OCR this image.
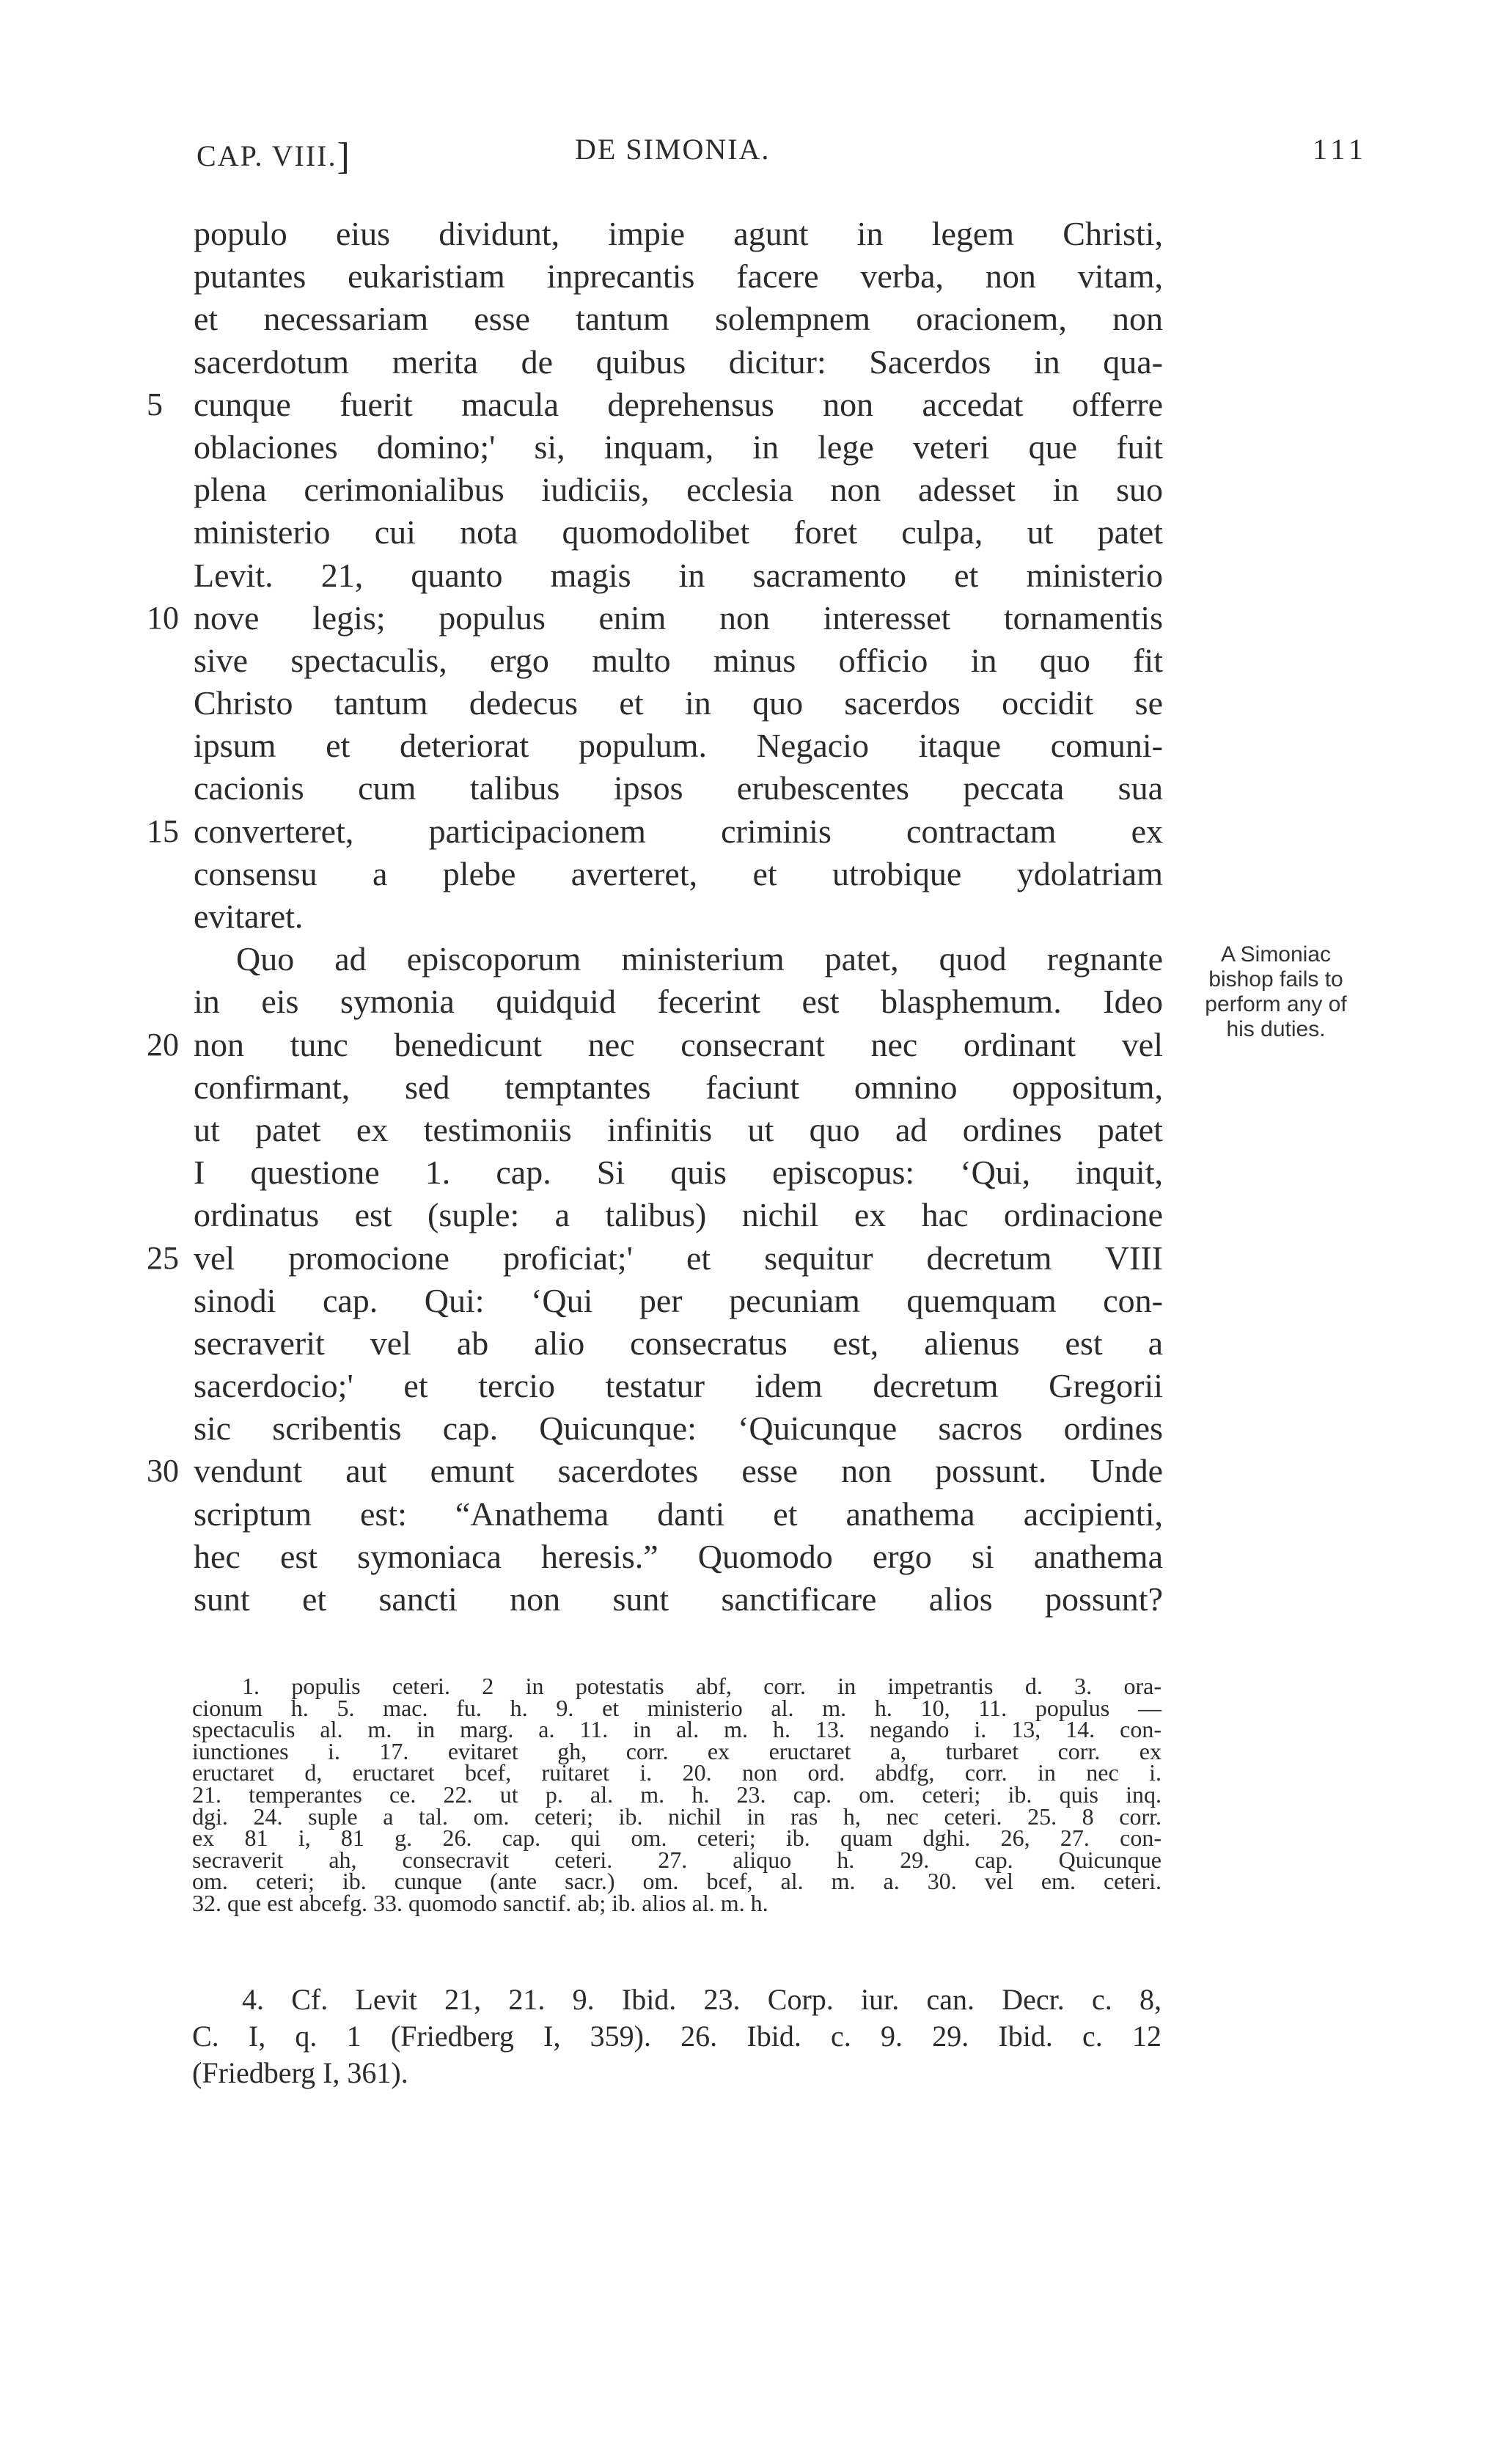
CAP. VIII.]	DE SIMONIA.	111
populo eius dividunt, impie agunt in legem Christi,
putantes eukaristiam inprecantis facere verba, non vitam,
et necessariam esse tantum solempnem oracionem, non
sacerdotum merita de quibus dicitur: Sacerdos in qua-
5 cunque fuerit macula deprehensus non accedat offerre
oblaciones domino;' si, inquam, in lege veteri que fuit
plena cerimonialibus iudiciis, ecclesia non adesset in suo
ministerio cui nota quomodolibet foret culpa, ut patet
Levit. 21, quanto magis in sacramento et ministerio
10 nove legis; populus enim non interesset tornamentis
sive spectaculis, ergo multo minus officio in quo fit
Christo tantum dedecus et in quo sacerdos occidit se
ipsum et deteriorat populum. Negacio itaque comuni-
cacionis cum talibus ipsos erubescentes peccata sua
15 converteret, participacionem criminis contractam ex
consensu a plebe averteret, et utrobique ydolatriam
evitaret.
Quo ad episcoporum ministerium patet, quod regnante
in eis symonia quidquid fecerint est blasphemum. Ideo
20 non tunc benedicunt nec consecrant nec ordinant vel
confirmant, sed temptantes faciunt omnino oppositum,
ut patet ex testimoniis infinitis ut quo ad ordines patet
I questione 1. cap. Si quis episcopus: ‘Qui, inquit,
ordinatus est (suple: a talibus) nichil ex hac ordinacione
25 vel promocione proficiat;' et sequitur decretum VIII
sinodi cap. Qui: ‘Qui per pecuniam quemquam con-
secraverit vel ab alio consecratus est, alienus est a
sacerdocio;' et tercio testatur idem decretum Gregorii
sic scribentis cap. Quicunque: ‘Quicunque sacros ordines
30 vendunt aut emunt sacerdotes esse non possunt. Unde
scriptum est: “Anathema danti et anathema accipienti,
hec est symoniaca heresis.” Quomodo ergo si anathema
sunt et sancti non sunt sanctificare alios possunt?
A Simoniac
bishop fails to
perform any of
his duties.
1. populis ceteri. 2 in potestatis abf, corr. in impetrantis d. 3. ora-
cionum h. 5. mac. fu. h. 9. et ministerio al. m. h. 10, 11. populus —
spectaculis al. m. in marg. a. 11. in al. m. h. 13. negando i. 13, 14. con-
iunctiones i. 17. evitaret gh, corr. ex eructaret a, turbaret corr. ex
eructaret d, eructaret bcef, ruitaret i. 20. non ord. abdfg, corr. in nec i.
21. temperantes ce. 22. ut p. al. m. h. 23. cap. om. ceteri; ib. quis inq.
dgi. 24. suple a tal. om. ceteri; ib. nichil in ras h, nec ceteri. 25. 8 corr.
ex 81 i, 81 g. 26. cap. qui om. ceteri; ib. quam dghi. 26, 27. con-
secraverit ah, consecravit ceteri. 27. aliquo h. 29. cap. Quicunque
om. ceteri; ib. cunque (ante sacr.) om. bcef, al. m. a. 30. vel em. ceteri.
32. que est abcefg. 33. quomodo sanctif. ab; ib. alios al. m. h.
4. Cf. Levit 21, 21. 9. Ibid. 23. Corp. iur. can. Decr. c. 8,
C. I, q. 1 (Friedberg I, 359). 26. Ibid. c. 9. 29. Ibid. c. 12
(Friedberg I, 361).
